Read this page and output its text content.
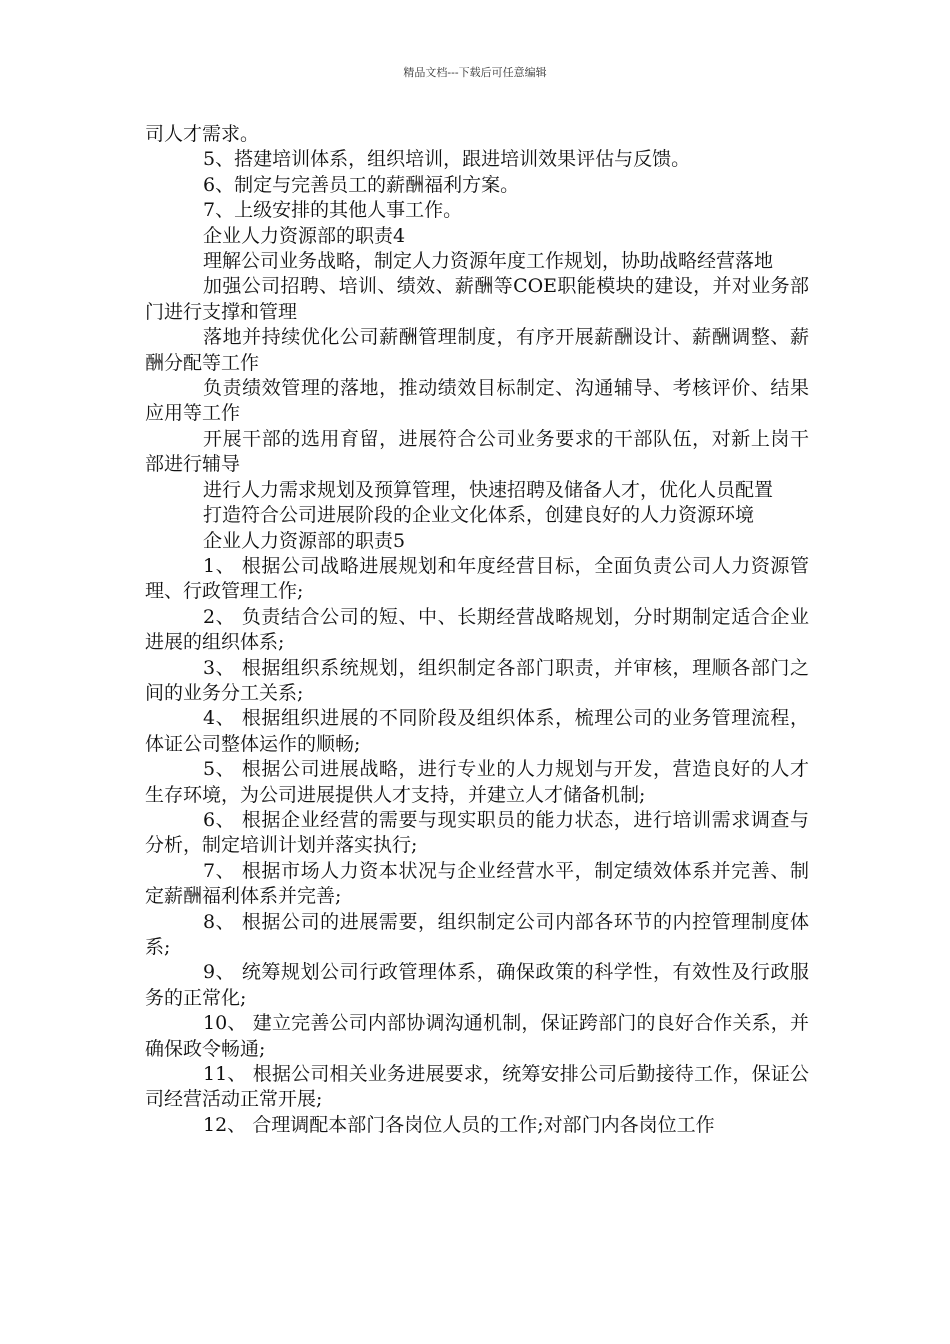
精品文档---下载后可任意编辑

司人才需求。

5、搭建培训体系，组织培训，跟进培训效果评估与反馈。

6、制定与完善员工的薪酬福利方案。

7、上级安排的其他人事工作。

企业人力资源部的职责4

理解公司业务战略，制定人力资源年度工作规划，协助战略经营落地

加强公司招聘、培训、绩效、薪酬等COE职能模块的建设，并对业务部门进行支撑和管理

落地并持续优化公司薪酬管理制度，有序开展薪酬设计、薪酬调整、薪酬分配等工作

负责绩效管理的落地，推动绩效目标制定、沟通辅导、考核评价、结果应用等工作

开展干部的选用育留，进展符合公司业务要求的干部队伍，对新上岗干部进行辅导

进行人力需求规划及预算管理，快速招聘及储备人才，优化人员配置

打造符合公司进展阶段的企业文化体系，创建良好的人力资源环境

企业人力资源部的职责5

1、 根据公司战略进展规划和年度经营目标，全面负责公司人力资源管理、行政管理工作;

2、 负责结合公司的短、中、长期经营战略规划，分时期制定适合企业进展的组织体系;

3、 根据组织系统规划，组织制定各部门职责，并审核，理顺各部门之间的业务分工关系;

4、 根据组织进展的不同阶段及组织体系，梳理公司的业务管理流程，体证公司整体运作的顺畅;

5、 根据公司进展战略，进行专业的人力规划与开发，营造良好的人才生存环境，为公司进展提供人才支持，并建立人才储备机制;

6、 根据企业经营的需要与现实职员的能力状态，进行培训需求调查与分析，制定培训计划并落实执行;

7、 根据市场人力资本状况与企业经营水平，制定绩效体系并完善、制定薪酬福利体系并完善;

8、 根据公司的进展需要，组织制定公司内部各环节的内控管理制度体系;

9、 统筹规划公司行政管理体系，确保政策的科学性，有效性及行政服务的正常化;

10、 建立完善公司内部协调沟通机制，保证跨部门的良好合作关系，并确保政令畅通;

11、 根据公司相关业务进展要求，统筹安排公司后勤接待工作，保证公司经营活动正常开展;

12、 合理调配本部门各岗位人员的工作;对部门内各岗位工作
